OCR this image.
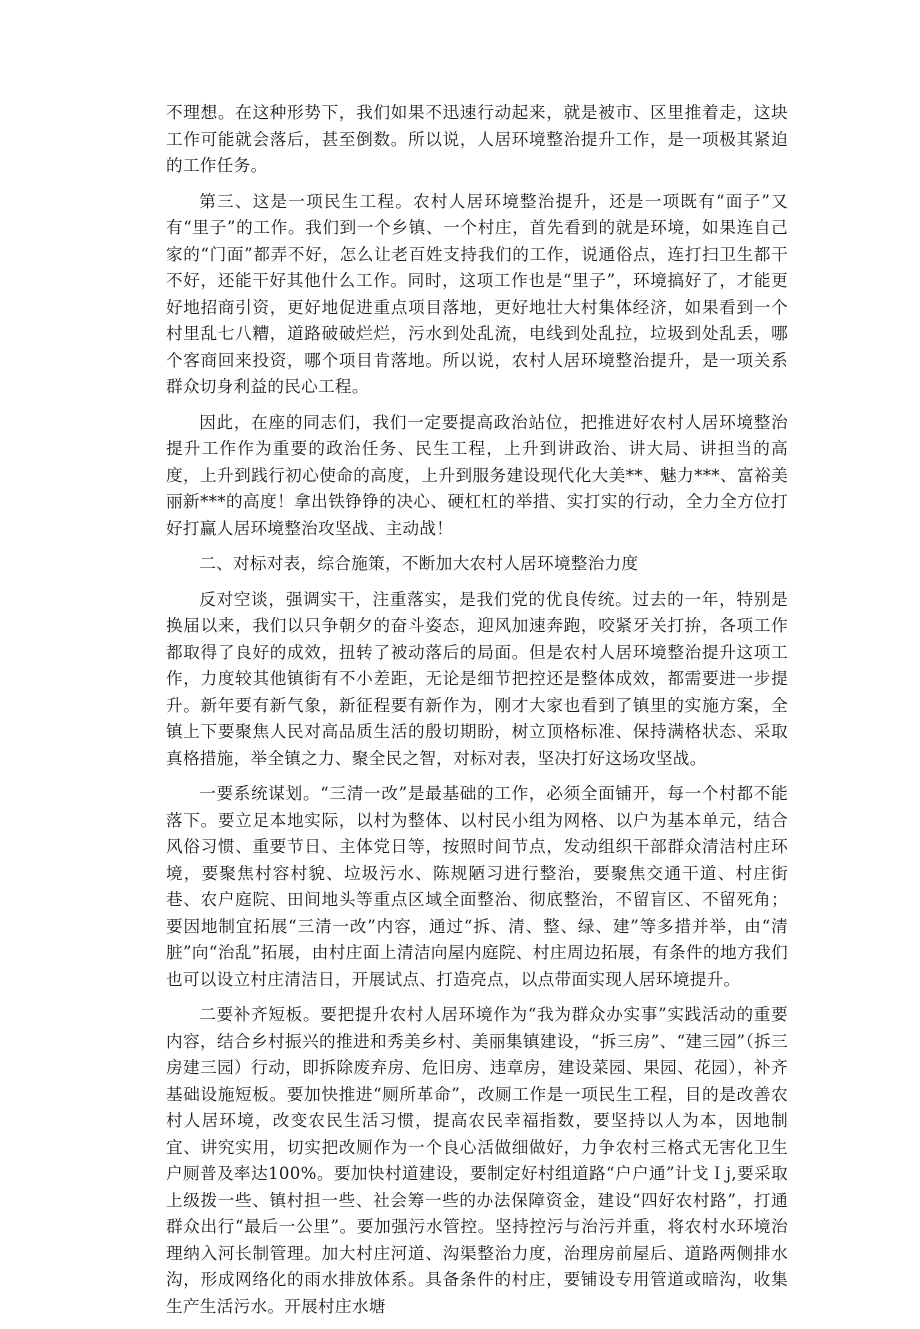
不理想。在这种形势下，我们如果不迅速行动起来，就是被市、区里推着走，这块工作可能就会落后，甚至倒数。所以说，人居环境整治提升工作，是一项极其紧迫的工作任务。

第三、这是一项民生工程。农村人居环境整治提升，还是一项既有“面子”又有“里子”的工作。我们到一个乡镇、一个村庄，首先看到的就是环境，如果连自己家的“门面”都弄不好，怎么让老百姓支持我们的工作，说通俗点，连打扫卫生都干不好，还能干好其他什么工作。同时，这项工作也是“里子”，环境搞好了，才能更好地招商引资，更好地促进重点项目落地，更好地壮大村集体经济，如果看到一个村里乱七八糟，道路破破烂烂，污水到处乱流，电线到处乱拉，垃圾到处乱丢，哪个客商回来投资，哪个项目肯落地。所以说，农村人居环境整治提升，是一项关系群众切身利益的民心工程。

因此，在座的同志们，我们一定要提高政治站位，把推进好农村人居环境整治提升工作作为重要的政治任务、民生工程，上升到讲政治、讲大局、讲担当的高度，上升到践行初心使命的高度，上升到服务建设现代化大美**、魅力***、富裕美丽新***的高度！拿出铁铮铮的决心、硬杠杠的举措、实打实的行动，全力全方位打好打赢人居环境整治攻坚战、主动战！

二、对标对表，综合施策，不断加大农村人居环境整治力度

反对空谈，强调实干，注重落实，是我们党的优良传统。过去的一年，特别是换届以来，我们以只争朝夕的奋斗姿态，迎风加速奔跑，咬紧牙关打拚，各项工作都取得了良好的成效，扭转了被动落后的局面。但是农村人居环境整治提升这项工作，力度较其他镇街有不小差距，无论是细节把控还是整体成效，都需要进一步提升。新年要有新气象，新征程要有新作为，刚才大家也看到了镇里的实施方案，全镇上下要聚焦人民对高品质生活的殷切期盼，树立顶格标准、保持满格状态、采取真格措施，举全镇之力、聚全民之智，对标对表，坚决打好这场攻坚战。

一要系统谋划。“三清一改”是最基础的工作，必须全面铺开，每一个村都不能落下。要立足本地实际，以村为整体、以村民小组为网格、以户为基本单元，结合风俗习惯、重要节日、主体党日等，按照时间节点，发动组织干部群众清洁村庄环境，要聚焦村容村貌、垃圾污水、陈规陋习进行整治，要聚焦交通干道、村庄街巷、农户庭院、田间地头等重点区域全面整治、彻底整治，不留盲区、不留死角；要因地制宜拓展“三清一改”内容，通过“拆、清、整、绿、建”等多措并举，由“清脏”向“治乱”拓展，由村庄面上清洁向屋内庭院、村庄周边拓展，有条件的地方我们也可以设立村庄清洁日，开展试点、打造亮点，以点带面实现人居环境提升。

二要补齐短板。要把提升农村人居环境作为“我为群众办实事”实践活动的重要内容，结合乡村振兴的推进和秀美乡村、美丽集镇建设，“拆三房”、“建三园”（拆三房建三园）行动，即拆除废弃房、危旧房、违章房，建设菜园、果园、花园），补齐基础设施短板。要加快推进“厕所革命”，改厕工作是一项民生工程，目的是改善农村人居环境，改变农民生活习惯，提高农民幸福指数，要坚持以人为本，因地制宜、讲究实用，切实把改厕作为一个良心活做细做好，力争农村三格式无害化卫生户厕普及率达100%。要加快村道建设，要制定好村组道路“户户通”计戈Ｉj,要采取上级拨一些、镇村担一些、社会筹一些的办法保障资金，建设“四好农村路”，打通群众出行“最后一公里”。要加强污水管控。坚持控污与治污并重，将农村水环境治理纳入河长制管理。加大村庄河道、沟渠整治力度，治理房前屋后、道路两侧排水沟，形成网络化的雨水排放体系。具备条件的村庄，要铺设专用管道或暗沟，收集生产生活污水。开展村庄水塘
